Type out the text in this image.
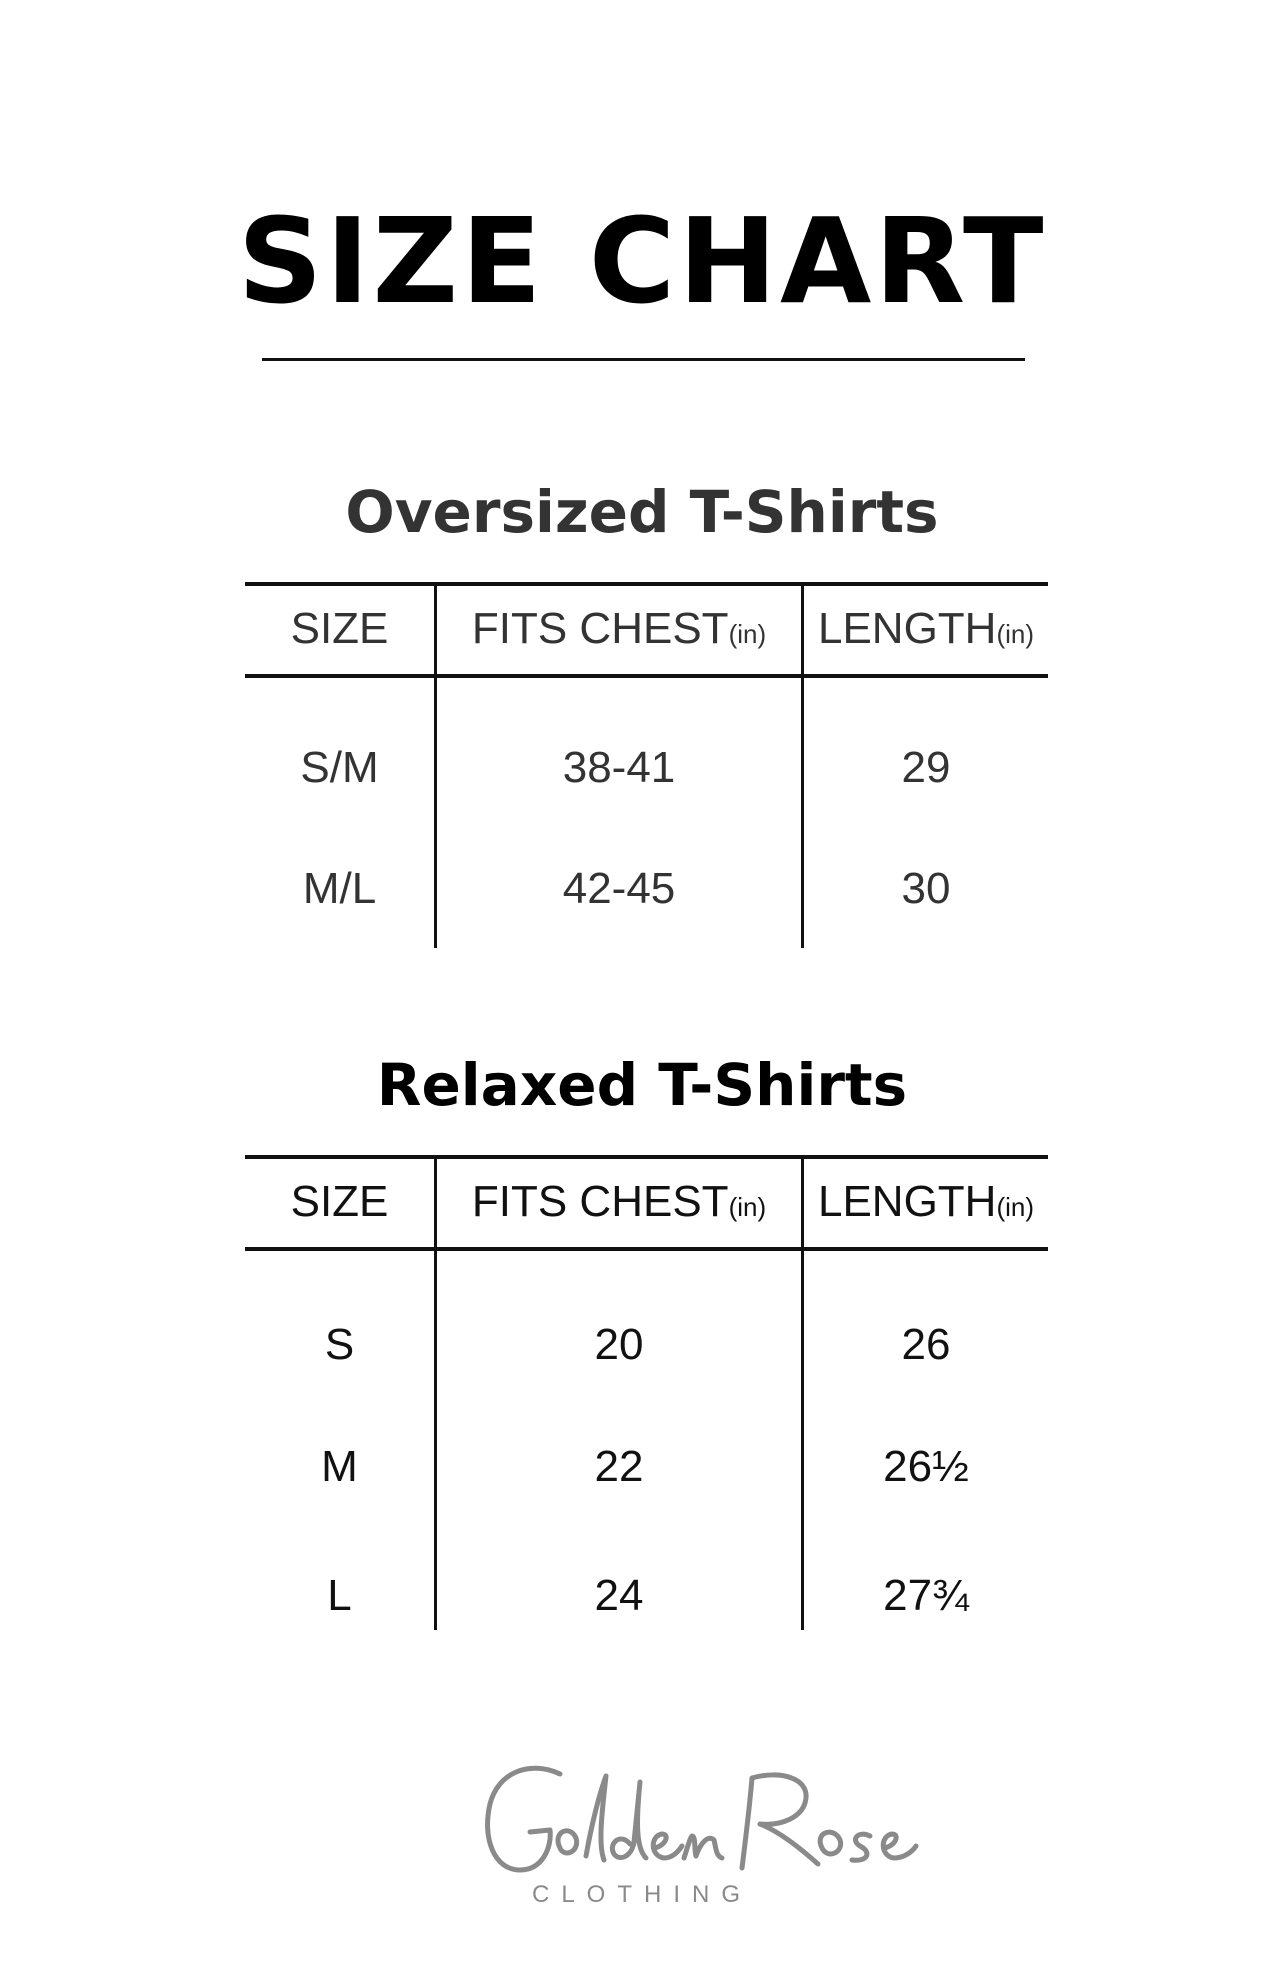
SIZE CHART
Oversized T-Shirts
SIZE	FITS CHEST(in)	LENGTH(in)
S/M	38-41	29
M/L	42-45	30
Relaxed T-Shirts
SIZE	FITS CHEST(in)	LENGTH(in)
S	20	26
M	22	26½
L	24	27¾
CLOTHING
